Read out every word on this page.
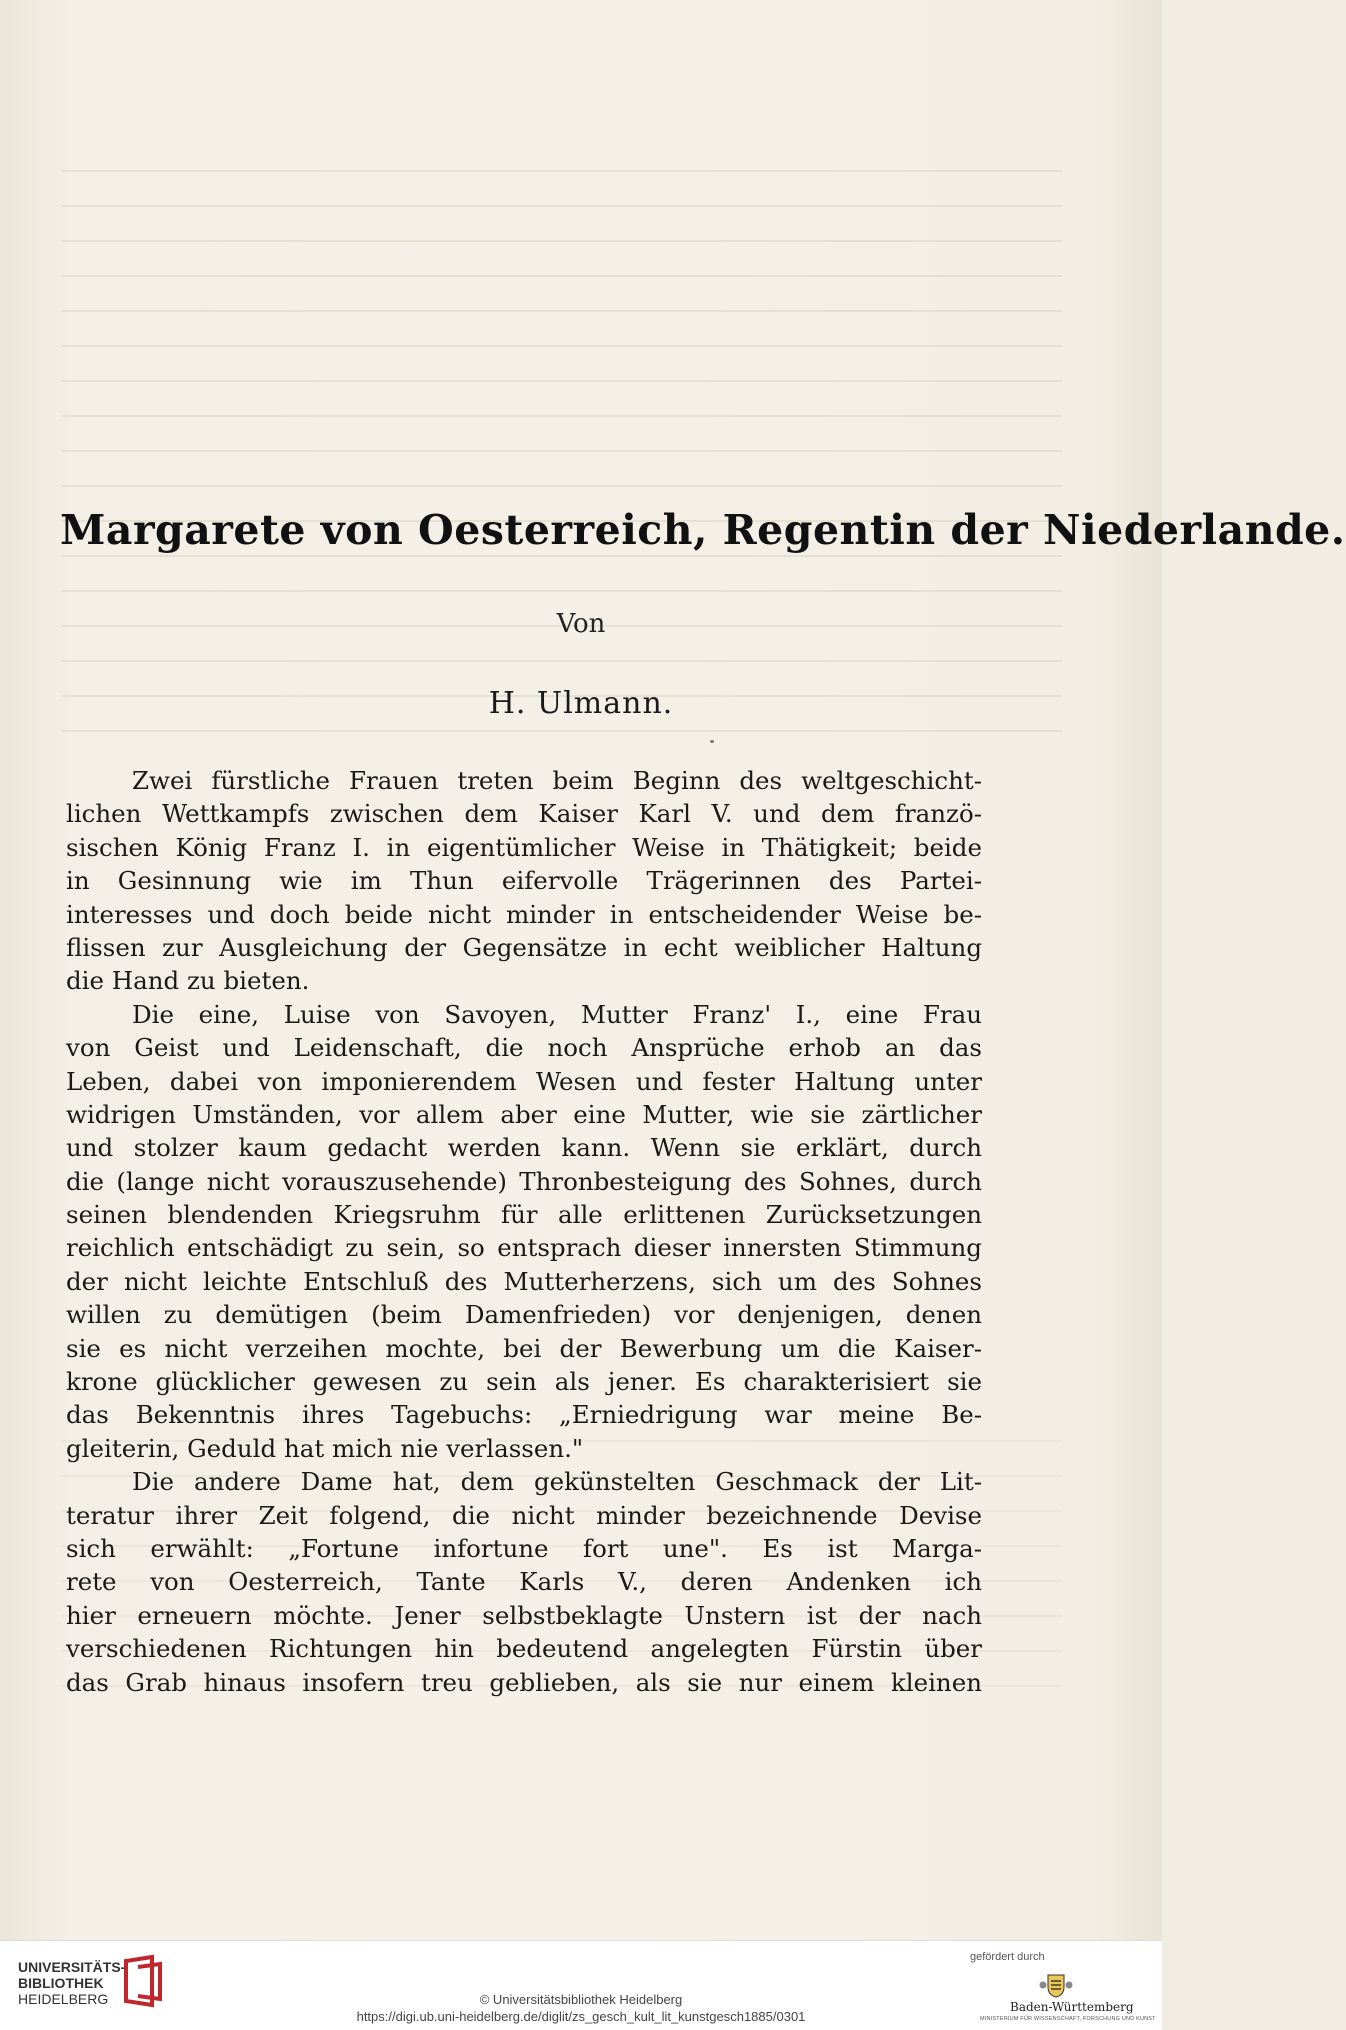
Margarete von Oesterreich, Regentin der Niederlande.
Von
H. Ulmann.
Zwei fürstliche Frauen treten beim Beginn des weltgeschicht-
lichen Wettkampfs zwischen dem Kaiser Karl V. und dem franzö-
sischen König Franz I. in eigentümlicher Weise in Thätigkeit; beide
in Gesinnung wie im Thun eifervolle Trägerinnen des Partei-
interesses und doch beide nicht minder in entscheidender Weise be-
flissen zur Ausgleichung der Gegensätze in echt weiblicher Haltung
die Hand zu bieten.
Die eine, Luise von Savoyen, Mutter Franz' I., eine Frau
von Geist und Leidenschaft, die noch Ansprüche erhob an das
Leben, dabei von imponierendem Wesen und fester Haltung unter
widrigen Umständen, vor allem aber eine Mutter, wie sie zärtlicher
und stolzer kaum gedacht werden kann. Wenn sie erklärt, durch
die (lange nicht vorauszusehende) Thronbesteigung des Sohnes, durch
seinen blendenden Kriegsruhm für alle erlittenen Zurücksetzungen
reichlich entschädigt zu sein, so entsprach dieser innersten Stimmung
der nicht leichte Entschluß des Mutterherzens, sich um des Sohnes
willen zu demütigen (beim Damenfrieden) vor denjenigen, denen
sie es nicht verzeihen mochte, bei der Bewerbung um die Kaiser-
krone glücklicher gewesen zu sein als jener. Es charakterisiert sie
das Bekenntnis ihres Tagebuchs: „Erniedrigung war meine Be-
gleiterin, Geduld hat mich nie verlassen."
Die andere Dame hat, dem gekünstelten Geschmack der Lit-
teratur ihrer Zeit folgend, die nicht minder bezeichnende Devise
sich erwählt: „Fortune infortune fort une". Es ist Marga-
rete von Oesterreich, Tante Karls V., deren Andenken ich
hier erneuern möchte. Jener selbstbeklagte Unstern ist der nach
verschiedenen Richtungen hin bedeutend angelegten Fürstin über
das Grab hinaus insofern treu geblieben, als sie nur einem kleinen
UNIVERSITÄTS-
BIBLIOTHEK
HEIDELBERG	© Universitätsbibliothek Heidelberg
https://digi.ub.uni-heidelberg.de/diglit/zs_gesch_kult_lit_kunstgesch1885/0301
gefördert durch
Baden-Württemberg
MINISTERIUM FÜR WISSENSCHAFT, FORSCHUNG UND KUNST
